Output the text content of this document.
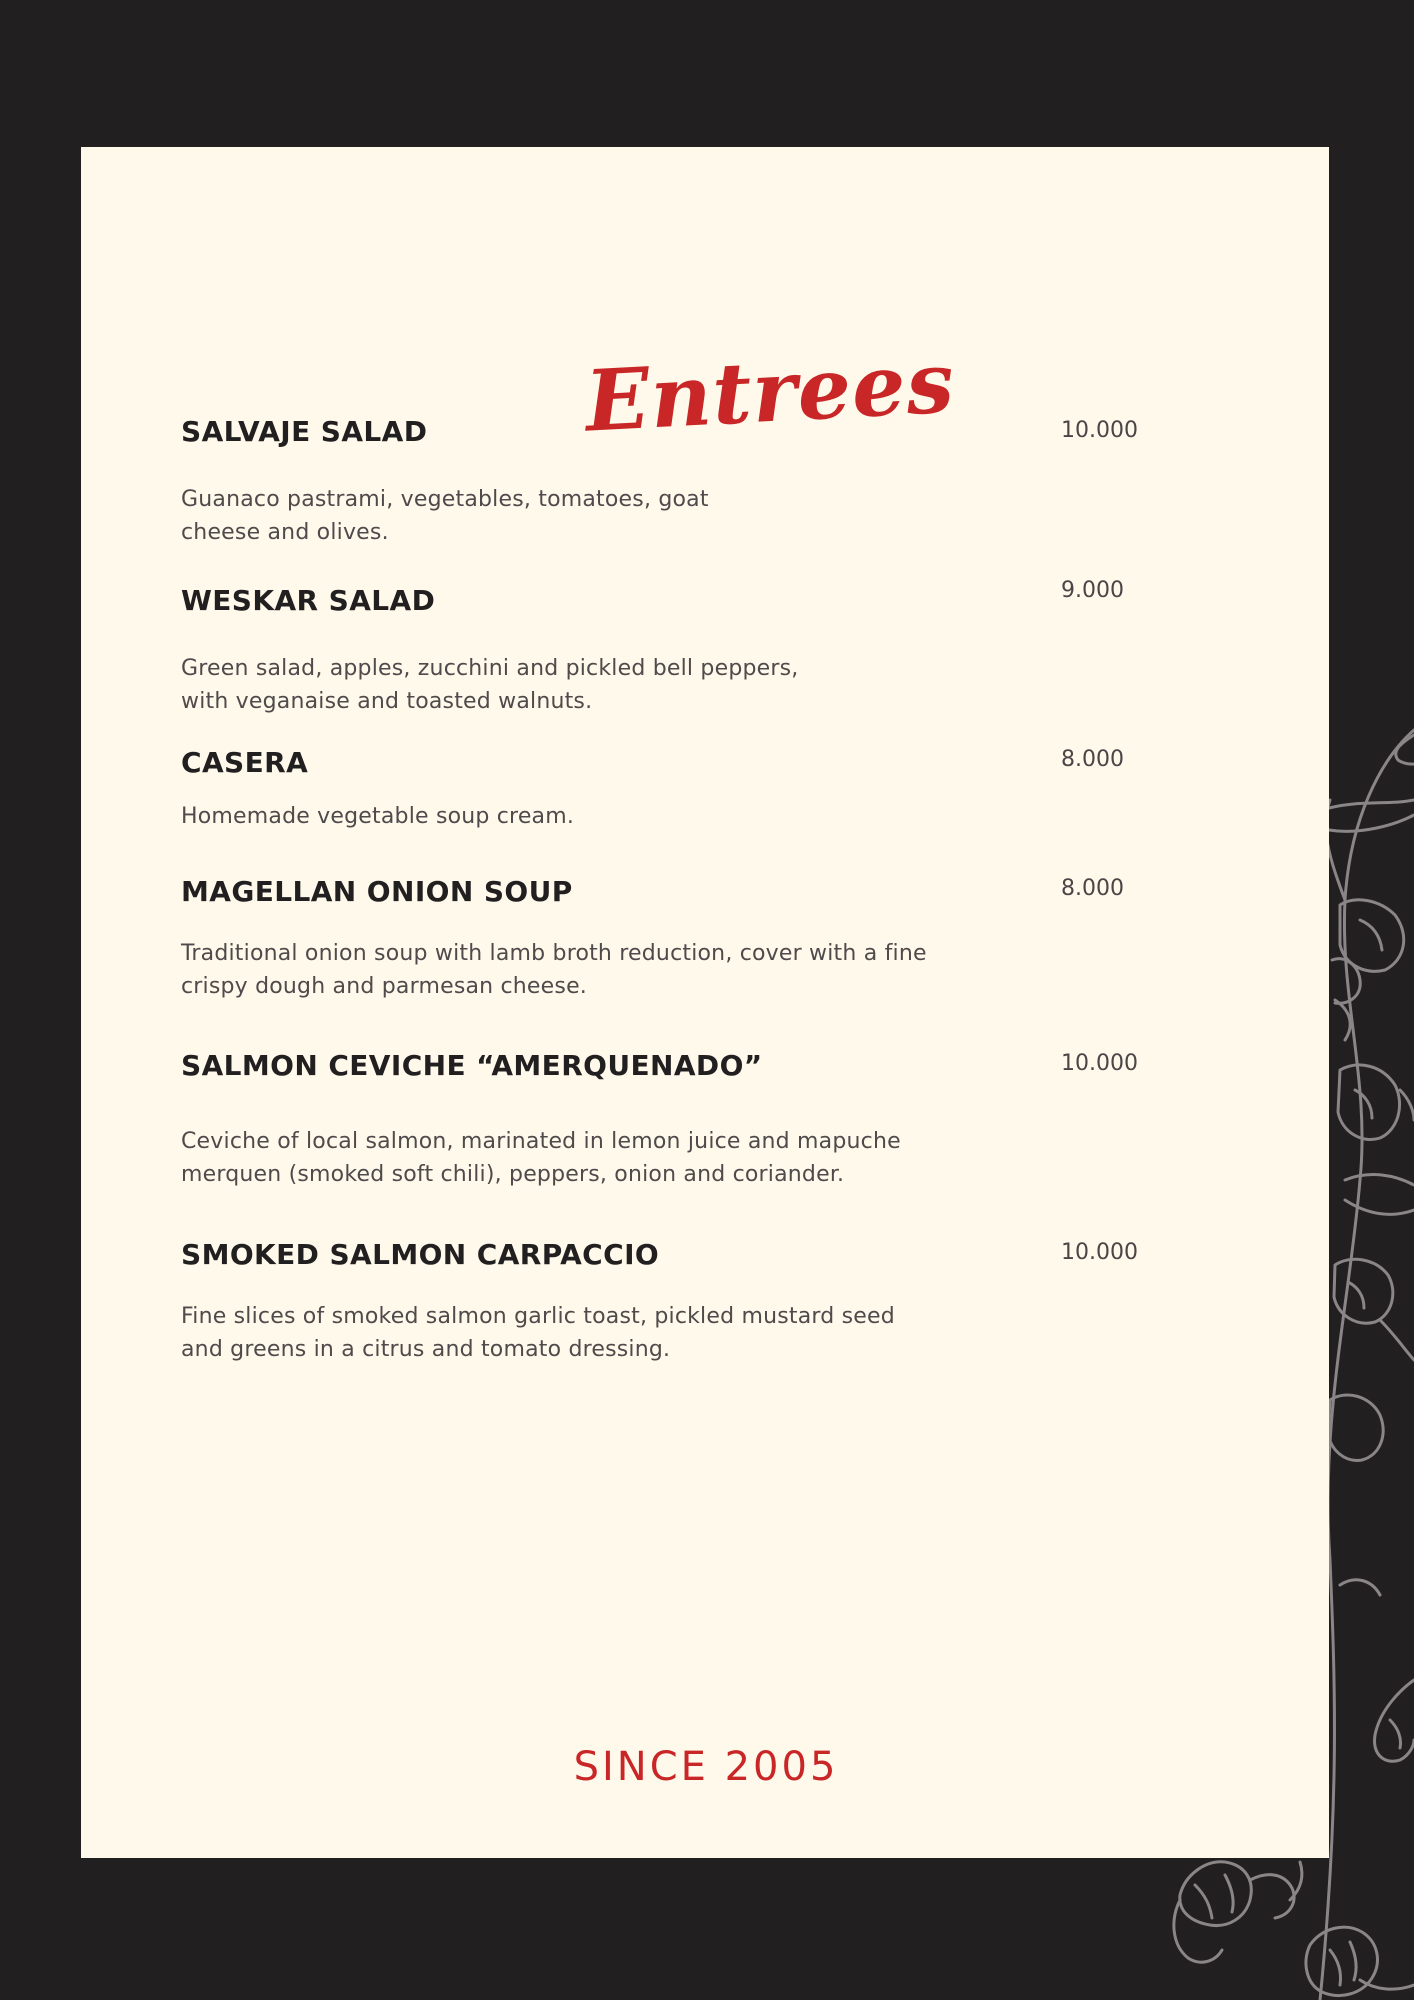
Entrees
SALVAJE SALAD	10.000

Guanaco pastrami, vegetables, tomatoes, goat
cheese and olives.

WESKAR SALAD	9.000

Green salad, apples, zucchini and pickled bell peppers,
with veganaise and toasted walnuts.

CASERA	8.000

Homemade vegetable soup cream.

MAGELLAN ONION SOUP	8.000

Traditional onion soup with lamb broth reduction, cover with a fine
crispy dough and parmesan cheese.

SALMON CEVICHE “AMERQUENADO”	10.000

Ceviche of local salmon, marinated in lemon juice and mapuche
merquen (smoked soft chili), peppers, onion and coriander.

SMOKED SALMON CARPACCIO	10.000

Fine slices of smoked salmon garlic toast, pickled mustard seed
and greens in a citrus and tomato dressing.

SINCE 2005
